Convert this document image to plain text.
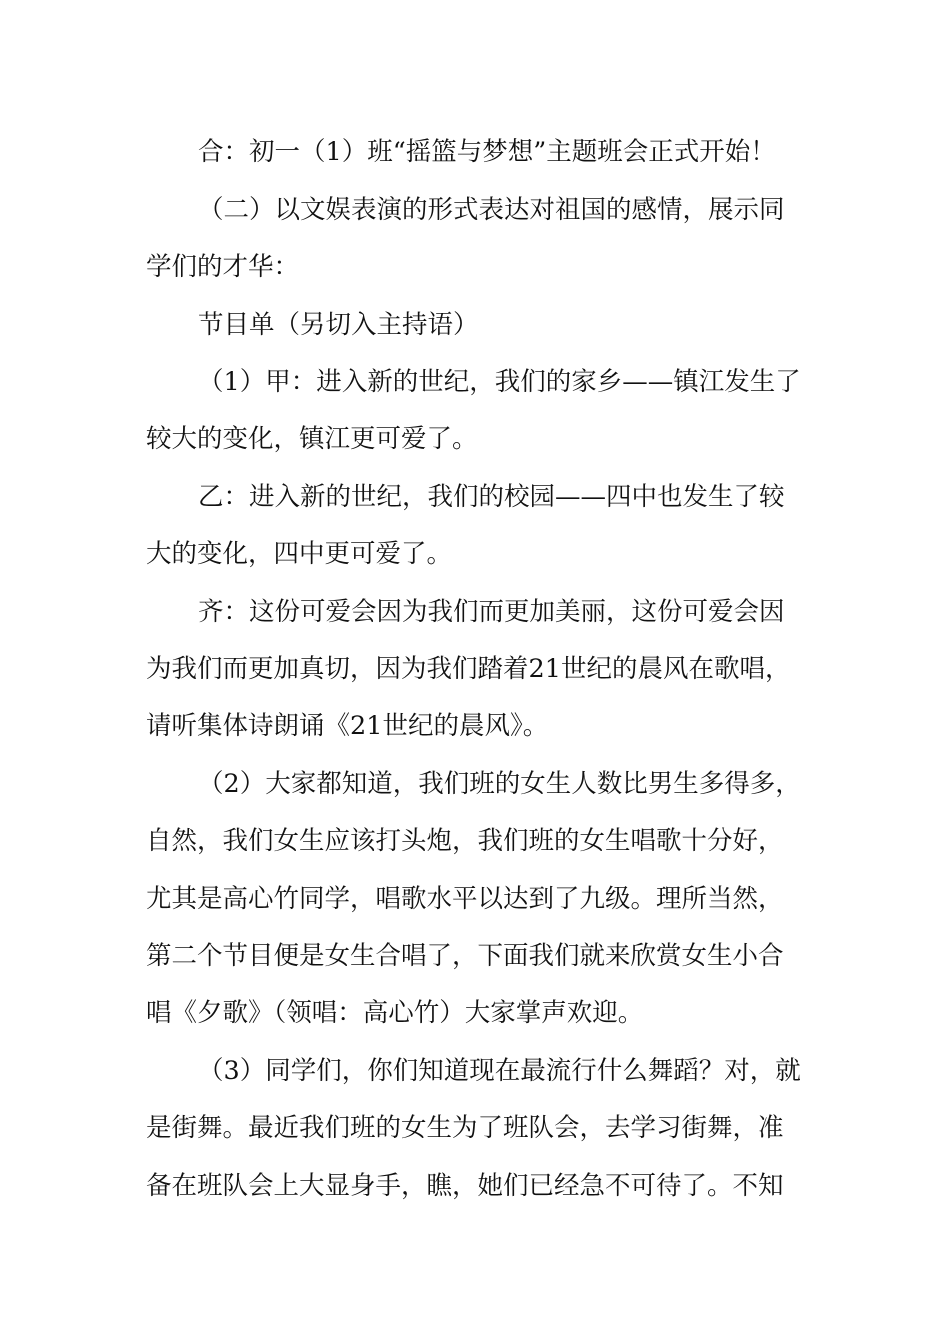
合：初一（1）班“摇篮与梦想”主题班会正式开始！
（二）以文娱表演的形式表达对祖国的感情，展示同
学们的才华：
节目单（另切入主持语）
（1）甲：进入新的世纪，我们的家乡——镇江发生了
较大的变化，镇江更可爱了。
乙：进入新的世纪，我们的校园——四中也发生了较
大的变化，四中更可爱了。
齐：这份可爱会因为我们而更加美丽，这份可爱会因
为我们而更加真切，因为我们踏着21世纪的晨风在歌唱，
请听集体诗朗诵《21世纪的晨风》。
（2）大家都知道，我们班的女生人数比男生多得多，
自然，我们女生应该打头炮，我们班的女生唱歌十分好，
尤其是高心竹同学，唱歌水平以达到了九级。理所当然，
第二个节目便是女生合唱了，下面我们就来欣赏女生小合
唱《夕歌》（领唱：高心竹）大家掌声欢迎。
（3）同学们，你们知道现在最流行什么舞蹈？对，就
是街舞。最近我们班的女生为了班队会，去学习街舞，准
备在班队会上大显身手，瞧，她们已经急不可待了。不知
